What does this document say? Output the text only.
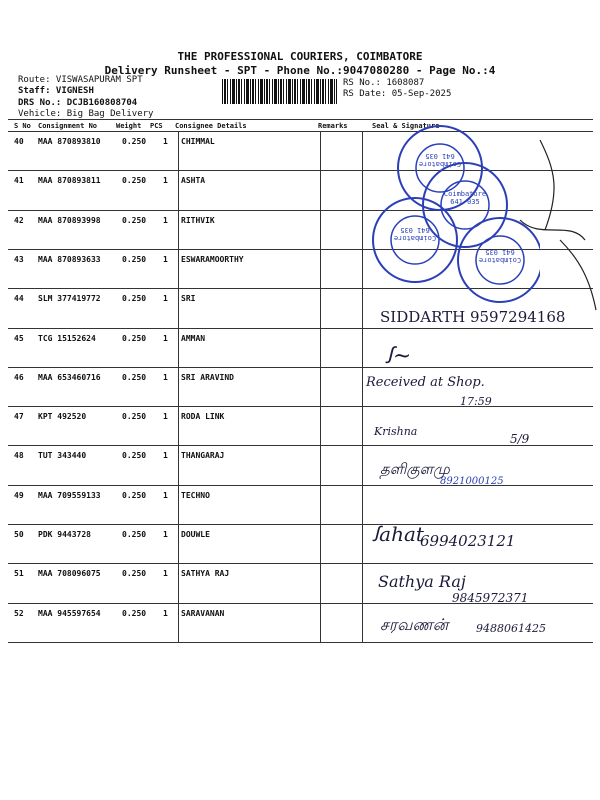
THE PROFESSIONAL COURIERS, COIMBATORE
Delivery Runsheet - SPT - Phone No.:9047080280 - Page No.:4
Route: VISWASAPURAM SPT
Staff: VIGNESH
DRS No.: DCJB160808704
Vehicle: Big Bag Delivery
RS No.: 1608087
RS Date: 05-Sep-2025
S No Consignment No	Weight PCS Consignee Details	Remarks	Seal & Signature
40 MAA 870893810	0.250 1 CHIMMAL
41 MAA 870893811	0.250 1 ASHTA
42 MAA 870893998	0.250 1 RITHVIK
43 MAA 870893633	0.250 1 ESWARAMOORTHY
44 SLM 377419772	0.250 1 SRI
45 TCG 15152624	0.250 1 AMMAN
46 MAA 653460716	0.250 1 SRI ARAVIND
47 KPT 492520	0.250 1 RODA LINK
48 TUT 343440	0.250 1 THANGARAJ
49 MAA 709559133	0.250 1 TECHNO
50 PDK 9443728	0.250 1 DOUWLE
51 MAA 708096075	0.250 1 SATHYA RAJ
52 MAA 945597654	0.250 1 SARAVANAN
Coimbatore
641 035
Coimbatore
641 035
Coimbatore
641 035
Coimbatore
641 035
SIDDARTH 9597294168
ꭍ~
Received at Shop.
17:59
Krishna
5/9
தளிகுளமு
8921000125
ꭍ⁠ahat
6994023121
Sathya Raj
9845972371
சரவணன்	9488061425
